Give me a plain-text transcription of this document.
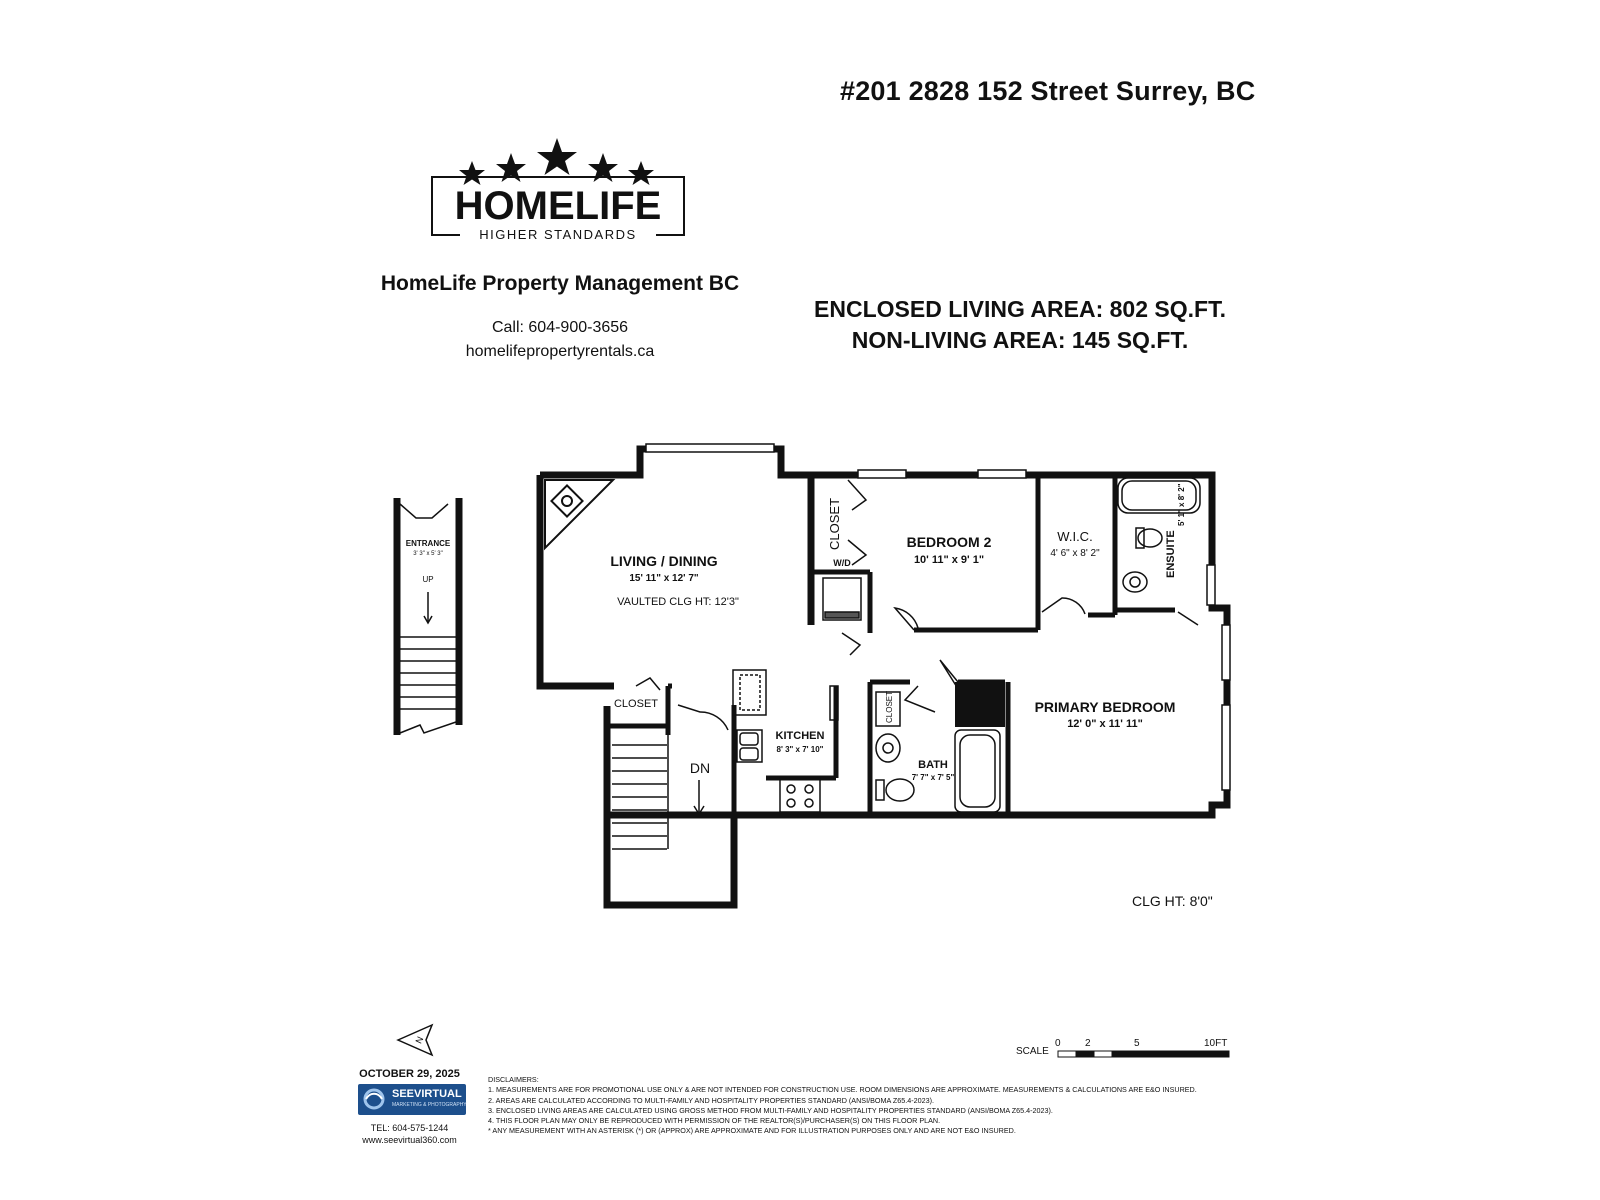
#201 2828 152 Street Surrey, BC
HOMELIFE
HIGHER STANDARDS
HomeLife Property Management BC
Call: 604-900-3656
homelifepropertyrentals.ca
ENCLOSED LIVING AREA: 802 SQ.FT.
NON-LIVING AREA: 145 SQ.FT.
LIVING / DINING
15' 11" x 12' 7"
VAULTED CLG HT: 12'3"
BEDROOM 2
10' 11" x 9' 1"
W.I.C.
4' 6" x 8' 2"	ENSUITE
5' 1" x 8' 2"
PRIMARY BEDROOM
12' 0" x 11' 11"
KITCHEN
8' 3" x 7' 10"
BATH
7' 7" x 7' 5"
ENTRANCE
3' 3" x 5' 3"
UP
DN
CLOSET
W/D
CLOSET
CLOSET
N	0 2	5	10FT
CLG HT: 8'0"
SCALE
OCTOBER 29, 2025
SEEVIRTUAL
MARKETING & PHOTOGRAPHY
TEL: 604-575-1244
www.seevirtual360.com
DISCLAIMERS:
1. MEASUREMENTS ARE FOR PROMOTIONAL USE ONLY & ARE NOT INTENDED FOR CONSTRUCTION USE. ROOM DIMENSIONS ARE APPROXIMATE. MEASUREMENTS & CALCULATIONS ARE E&O INSURED.
2. AREAS ARE CALCULATED ACCORDING TO MULTI-FAMILY AND HOSPITALITY PROPERTIES STANDARD (ANSI/BOMA Z65.4-2023).
3. ENCLOSED LIVING AREAS ARE CALCULATED USING GROSS METHOD FROM MULTI-FAMILY AND HOSPITALITY PROPERTIES STANDARD (ANSI/BOMA Z65.4-2023).
4. THIS FLOOR PLAN MAY ONLY BE REPRODUCED WITH PERMISSION OF THE REALTOR(S)/PURCHASER(S) ON THIS FLOOR PLAN.
* ANY MEASUREMENT WITH AN ASTERISK (*) OR (APPROX) ARE APPROXIMATE AND FOR ILLUSTRATION PURPOSES ONLY AND ARE NOT E&O INSURED.
